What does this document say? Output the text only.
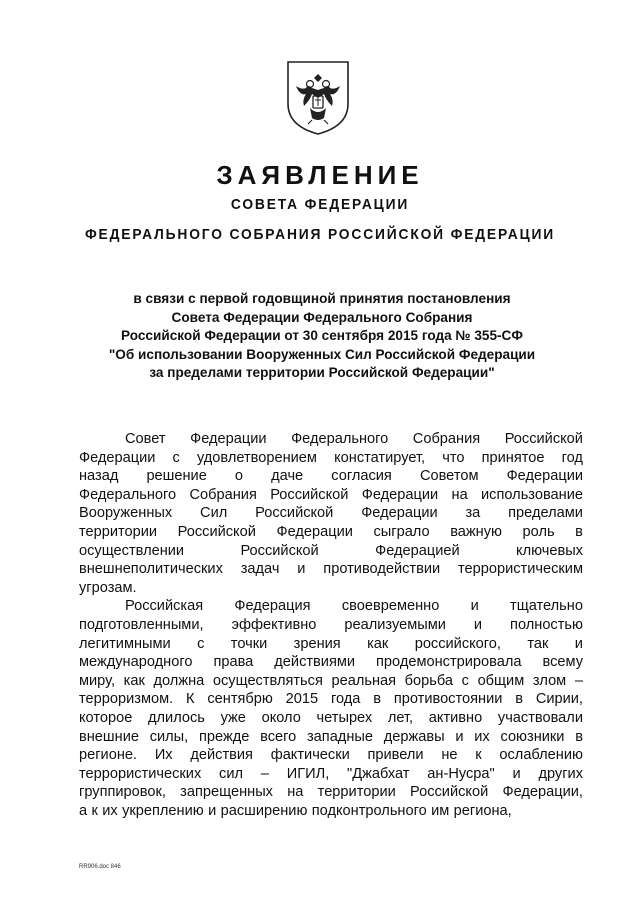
ЗАЯВЛЕНИЕ
СОВЕТА ФЕДЕРАЦИИ
ФЕДЕРАЛЬНОГО СОБРАНИЯ РОССИЙСКОЙ ФЕДЕРАЦИИ
в связи с первой годовщиной принятия постановления
Совета Федерации Федерального Собрания
Российской Федерации от 30 сентября 2015 года № 355-СФ
"Об использовании Вооруженных Сил Российской Федерации
за пределами территории Российской Федерации"
Совет Федерации Федерального Собрания Российской
Федерации с удовлетворением констатирует, что принятое год
назад решение о даче согласия Советом Федерации
Федерального Собрания Российской Федерации на использование
Вооруженных Сил Российской Федерации за пределами
территории Российской Федерации сыграло важную роль в
осуществлении	Российской	Федерацией	ключевых
внешнеполитических задач и противодействии террористическим
угрозам.
Российская Федерация своевременно и тщательно
подготовленными, эффективно реализуемыми и полностью
легитимными с точки зрения как российского, так и
международного права действиями продемонстрировала всему
миру, как должна осуществляться реальная борьба с общим злом –
терроризмом. К сентябрю 2015 года в противостоянии в Сирии,
которое длилось уже около четырех лет, активно участвовали
внешние силы, прежде всего западные державы и их союзники в
регионе. Их действия фактически привели не к ослаблению
террористических сил – ИГИЛ, "Джабхат ан-Нусра" и других
группировок, запрещенных на территории Российской Федерации,
а к их укреплению и расширению подконтрольного им региона,
RR906.doc 846
